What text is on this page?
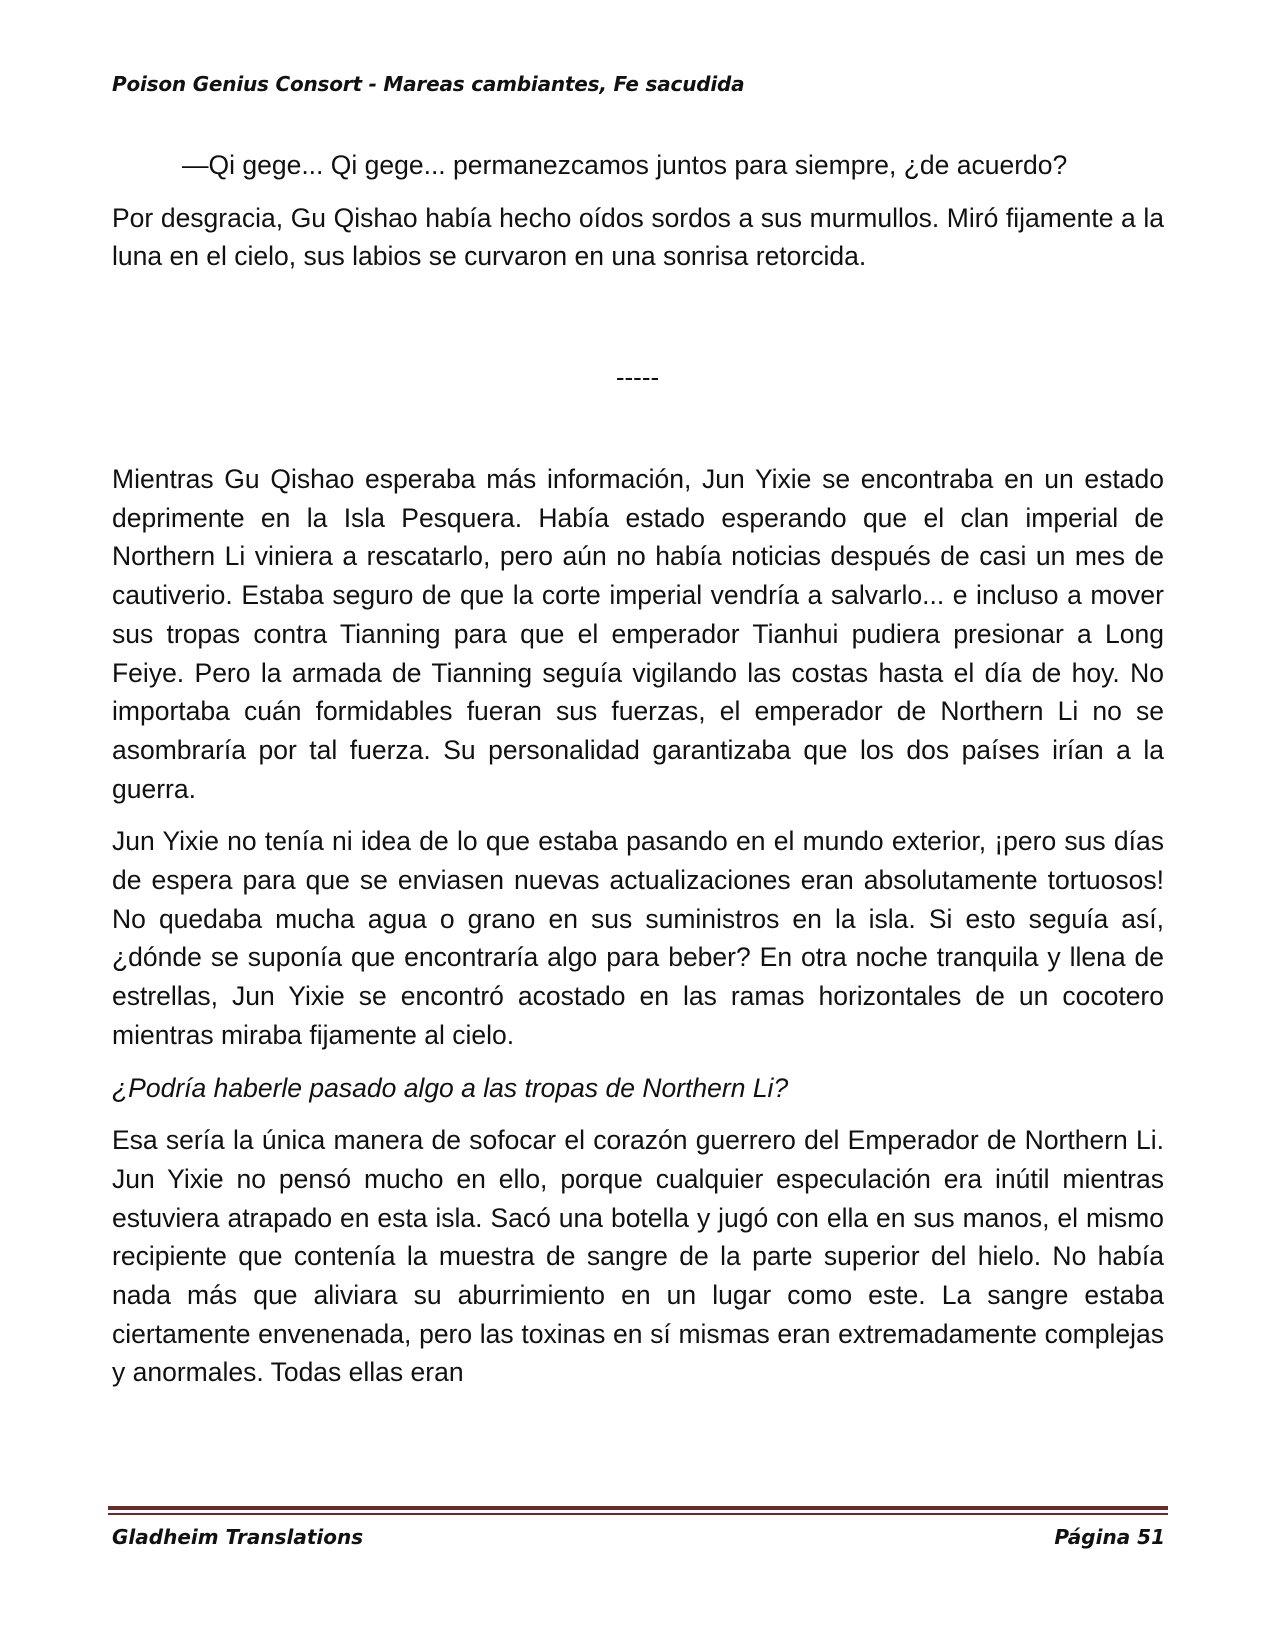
Poison Genius Consort - Mareas cambiantes, Fe sacudida

—Qi gege... Qi gege... permanezcamos juntos para siempre, ¿de acuerdo?

Por desgracia, Gu Qishao había hecho oídos sordos a sus murmullos. Miró fijamente a la luna en el cielo, sus labios se curvaron en una sonrisa retorcida.

-----

Mientras Gu Qishao esperaba más información, Jun Yixie se encontraba en un estado deprimente en la Isla Pesquera. Había estado esperando que el clan imperial de Northern Li viniera a rescatarlo, pero aún no había noticias después de casi un mes de cautiverio. Estaba seguro de que la corte imperial vendría a salvarlo... e incluso a mover sus tropas contra Tianning para que el emperador Tianhui pudiera presionar a Long Feiye. Pero la armada de Tianning seguía vigilando las costas hasta el día de hoy. No importaba cuán formidables fueran sus fuerzas, el emperador de Northern Li no se asombraría por tal fuerza. Su personalidad garantizaba que los dos países irían a la guerra.

Jun Yixie no tenía ni idea de lo que estaba pasando en el mundo exterior, ¡pero sus días de espera para que se enviasen nuevas actualizaciones eran absolutamente tortuosos! No quedaba mucha agua o grano en sus suministros en la isla. Si esto seguía así, ¿dónde se suponía que encontraría algo para beber? En otra noche tranquila y llena de estrellas, Jun Yixie se encontró acostado en las ramas horizontales de un cocotero mientras miraba fijamente al cielo.

¿Podría haberle pasado algo a las tropas de Northern Li?

Esa sería la única manera de sofocar el corazón guerrero del Emperador de Northern Li. Jun Yixie no pensó mucho en ello, porque cualquier especulación era inútil mientras estuviera atrapado en esta isla. Sacó una botella y jugó con ella en sus manos, el mismo recipiente que contenía la muestra de sangre de la parte superior del hielo. No había nada más que aliviara su aburrimiento en un lugar como este. La sangre estaba ciertamente envenenada, pero las toxinas en sí mismas eran extremadamente complejas y anormales. Todas ellas eran

Gladheim Translations	Página 51
